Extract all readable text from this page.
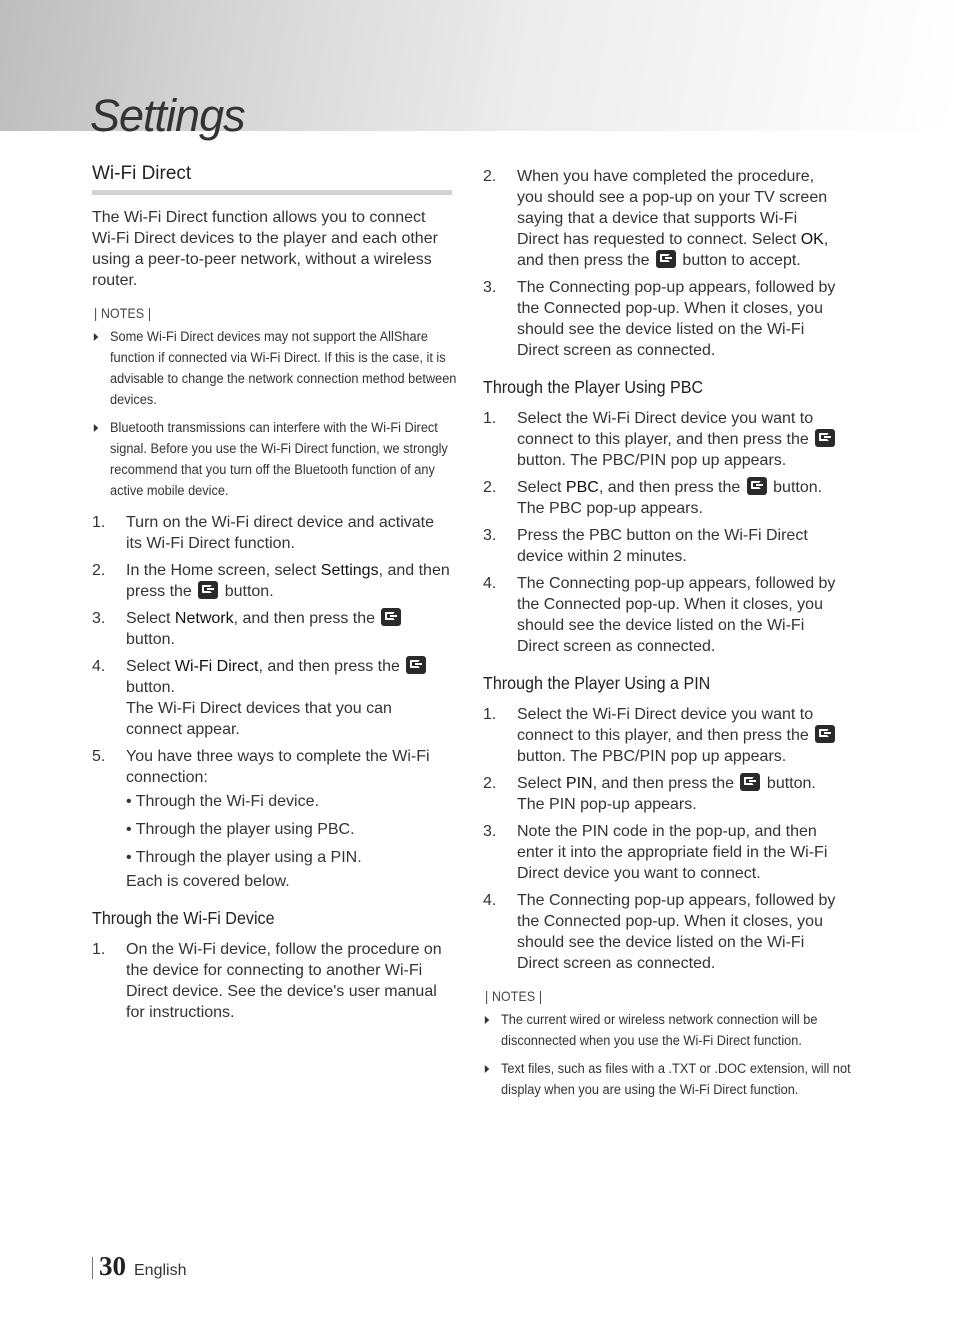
Settings
Wi-Fi Direct

The Wi-Fi Direct function allows you to connect Wi-Fi Direct devices to the player and each other using a peer-to-peer network, without a wireless router.

| NOTES |
Some Wi-Fi Direct devices may not support the AllShare function if connected via Wi-Fi Direct. If this is the case, it is advisable to change the network connection method between devices.
Bluetooth transmissions can interfere with the Wi-Fi Direct signal. Before you use the Wi-Fi Direct function, we strongly recommend that you turn off the Bluetooth function of any active mobile device.
1. Turn on the Wi-Fi direct device and activate its Wi-Fi Direct function.
2. In the Home screen, select Settings, and then press the  button.
3. Select Network, and then press the
button.
4. Select Wi-Fi Direct, and then press the
button.
The Wi-Fi Direct devices that you can connect appear.
5. You have three ways to complete the Wi-Fi connection:
• Through the Wi-Fi device.
• Through the player using PBC.
• Through the player using a PIN.
Each is covered below.
Through the Wi-Fi Device
1. On the Wi-Fi device, follow the procedure on the device for connecting to another Wi-Fi Direct device. See the device's user manual for instructions.
2. When you have completed the procedure, you should see a pop-up on your TV screen saying that a device that supports Wi-Fi Direct has requested to connect. Select OK, and then press the  button to accept.
3. The Connecting pop-up appears, followed by the Connected pop-up. When it closes, you should see the device listed on the Wi-Fi Direct screen as connected.
Through the Player Using PBC
1. Select the Wi-Fi Direct device you want to connect to this player, and then press the  button. The PBC/PIN pop up appears.
2. Select PBC, and then press the  button. The PBC pop-up appears.
3. Press the PBC button on the Wi-Fi Direct device within 2 minutes.
4. The Connecting pop-up appears, followed by the Connected pop-up. When it closes, you should see the device listed on the Wi-Fi Direct screen as connected.
Through the Player Using a PIN
1. Select the Wi-Fi Direct device you want to connect to this player, and then press the  button. The PBC/PIN pop up appears.
2. Select PIN, and then press the  button. The PIN pop-up appears.
3. Note the PIN code in the pop-up, and then enter it into the appropriate field in the Wi-Fi Direct device you want to connect.
4. The Connecting pop-up appears, followed by the Connected pop-up. When it closes, you should see the device listed on the Wi-Fi Direct screen as connected.
| NOTES |
The current wired or wireless network connection will be disconnected when you use the Wi-Fi Direct function.
Text files, such as files with a .TXT or .DOC extension, will not display when you are using the Wi-Fi Direct function.
30 English
